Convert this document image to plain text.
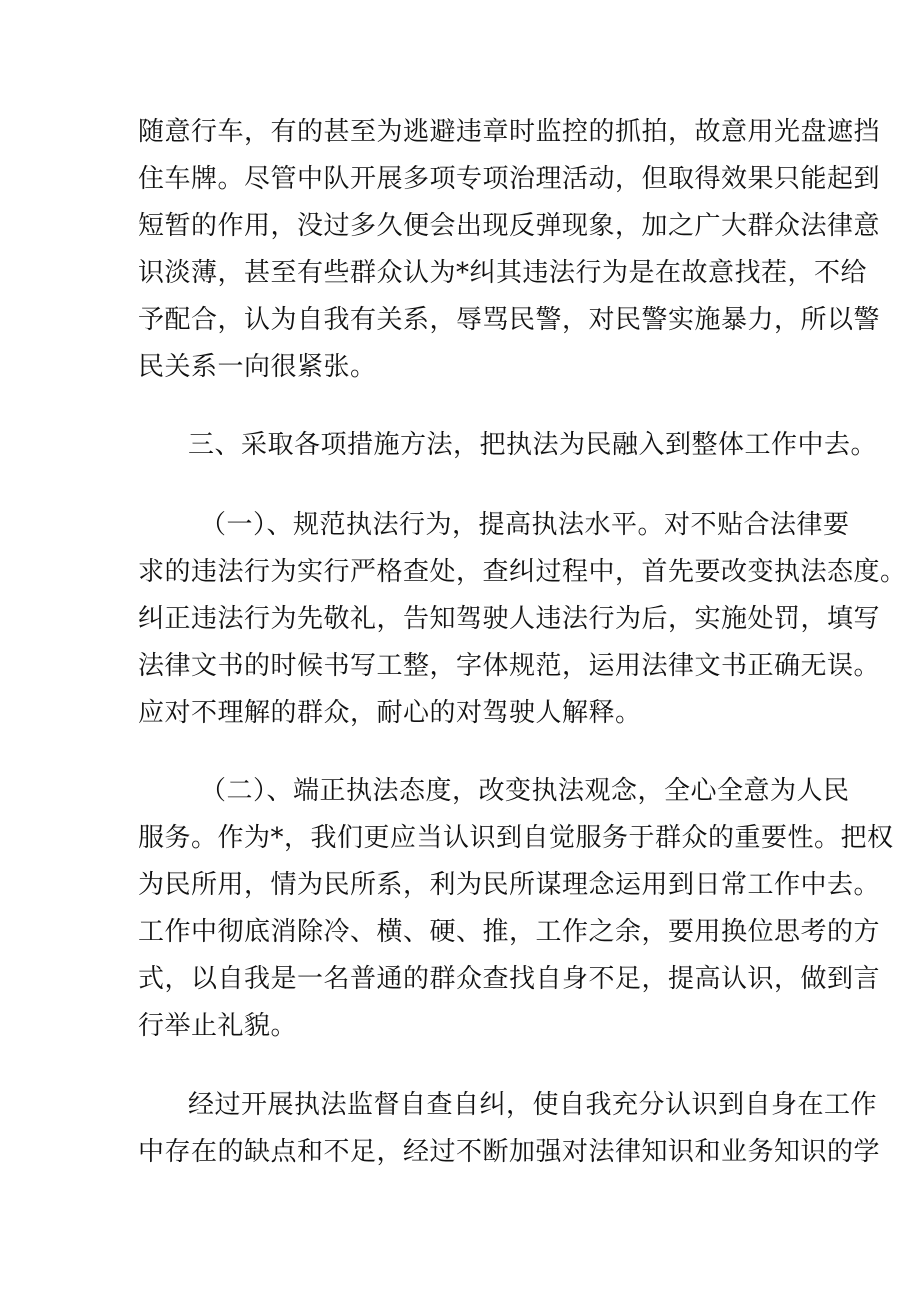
随意行车，有的甚至为逃避违章时监控的抓拍，故意用光盘遮挡
住车牌。尽管中队开展多项专项治理活动，但取得效果只能起到
短暂的作用，没过多久便会出现反弹现象，加之广大群众法律意
识淡薄，甚至有些群众认为*纠其违法行为是在故意找茬，不给
予配合，认为自我有关系，辱骂民警，对民警实施暴力，所以警
民关系一向很紧张。
三、采取各项措施方法，把执法为民融入到整体工作中去。
（一）、规范执法行为，提高执法水平。对不贴合法律要
求的违法行为实行严格查处，查纠过程中，首先要改变执法态度。
纠正违法行为先敬礼，告知驾驶人违法行为后，实施处罚，填写
法律文书的时候书写工整，字体规范，运用法律文书正确无误。
应对不理解的群众，耐心的对驾驶人解释。
（二）、端正执法态度，改变执法观念，全心全意为人民
服务。作为*，我们更应当认识到自觉服务于群众的重要性。把权
为民所用，情为民所系，利为民所谋理念运用到日常工作中去。
工作中彻底消除冷、横、硬、推，工作之余，要用换位思考的方
式，以自我是一名普通的群众查找自身不足，提高认识，做到言
行举止礼貌。
经过开展执法监督自查自纠，使自我充分认识到自身在工作
中存在的缺点和不足，经过不断加强对法律知识和业务知识的学
